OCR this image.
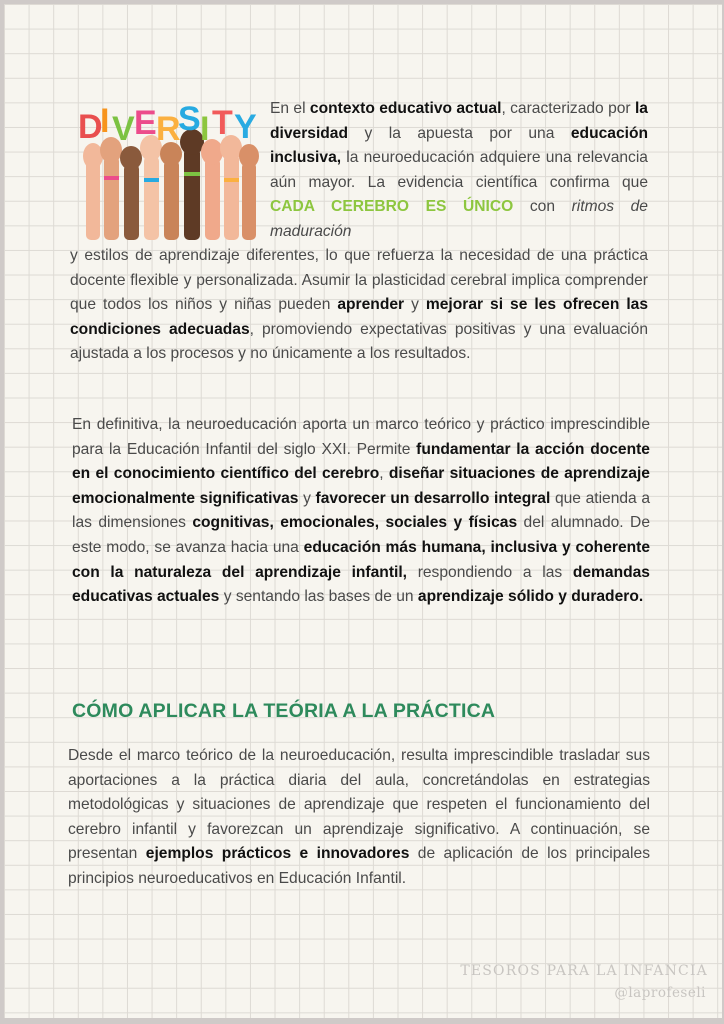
D
I V E R
S I T Y En el contexto educativo actual, caracterizado por la diversidad y la apuesta por una educación inclusiva, la neuroeducación adquiere una relevancia aún mayor. La evidencia científica confirma que CADA CEREBRO ES ÚNICO con ritmos de maduración
y estilos de aprendizaje diferentes, lo que refuerza la necesidad de una práctica docente flexible y personalizada. Asumir la plasticidad cerebral implica comprender que todos los niños y niñas pueden aprender y mejorar si se les ofrecen las condiciones adecuadas, promoviendo expectativas positivas y una evaluación ajustada a los procesos y no únicamente a los resultados.
En definitiva, la neuroeducación aporta un marco teórico y práctico imprescindible para la Educación Infantil del siglo XXI. Permite fundamentar la acción docente en el conocimiento científico del cerebro, diseñar situaciones de aprendizaje emocionalmente significativas y favorecer un desarrollo integral que atienda a las dimensiones cognitivas, emocionales, sociales y físicas del alumnado. De este modo, se avanza hacia una educación más humana, inclusiva y coherente con la naturaleza del aprendizaje infantil, respondiendo a las demandas educativas actuales y sentando las bases de un aprendizaje sólido y duradero.
CÓMO APLICAR LA TEÓRIA A LA PRÁCTICA
Desde el marco teórico de la neuroeducación, resulta imprescindible trasladar sus aportaciones a la práctica diaria del aula, concretándolas en estrategias metodológicas y situaciones de aprendizaje que respeten el funcionamiento del cerebro infantil y favorezcan un aprendizaje significativo. A continuación, se presentan ejemplos prácticos e innovadores de aplicación de los principales principios neuroeducativos en Educación Infantil.
TESOROS PARA LA INFANCIA
@laprofeseli
